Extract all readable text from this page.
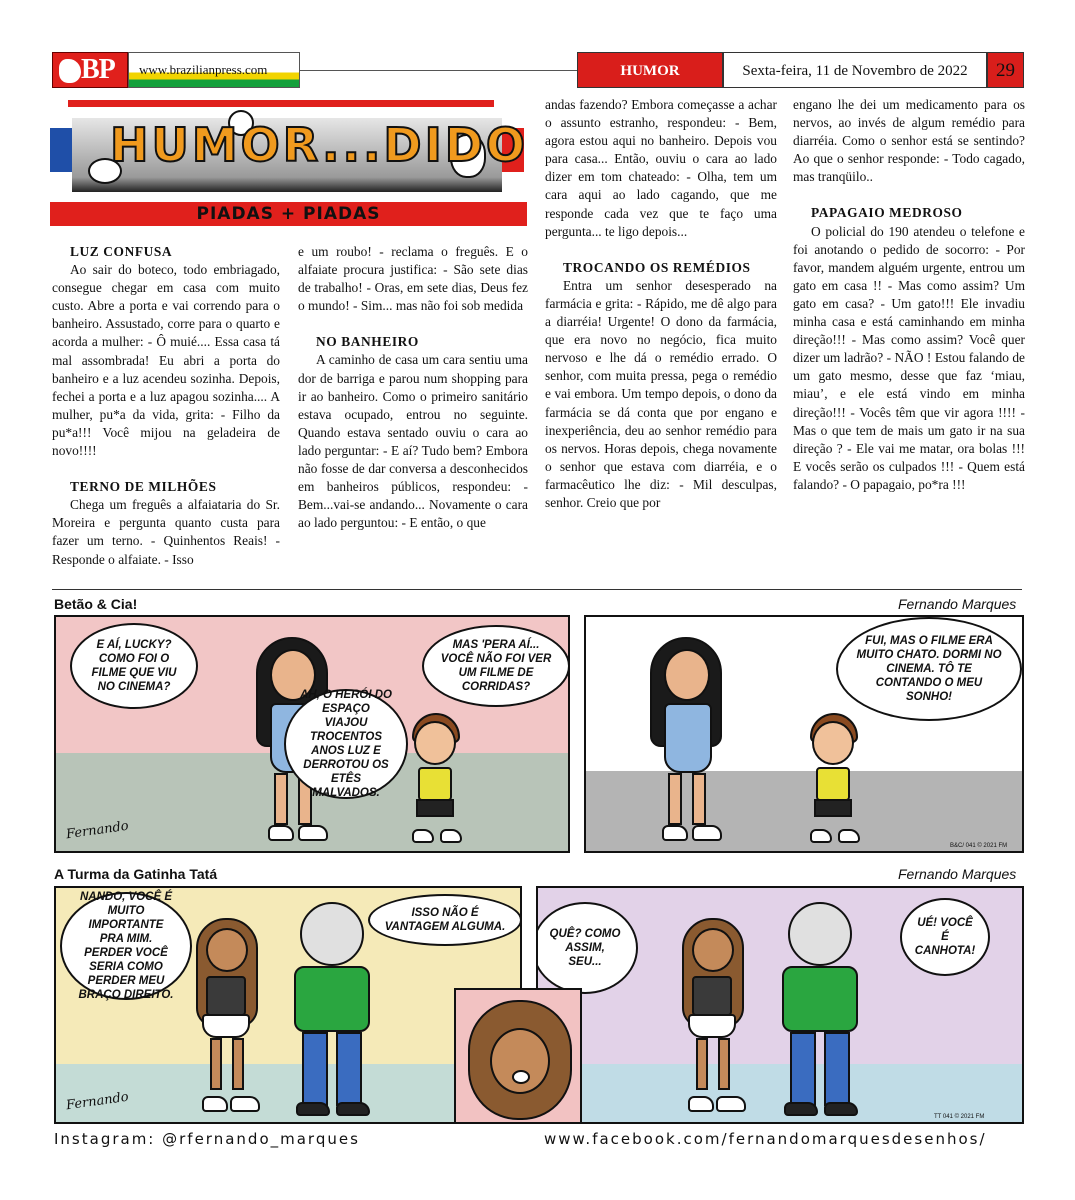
BP www.brazilianpress.com	HUMOR	Sexta-feira, 11 de Novembro de 2022	29
HUMOR...DIDO
PIADAS + PIADAS
LUZ CONFUSA

Ao sair do boteco, todo embriagado, consegue chegar em casa com muito custo. Abre a porta e vai correndo para o banheiro. Assustado, corre para o quarto e acorda a mulher: - Ô muié.... Essa casa tá mal assombrada! Eu abri a porta do banheiro e a luz acendeu sozinha. Depois, fechei a porta e a luz apagou sozinha.... A mulher, pu*a da vida, grita: - Filho da pu*a!!! Você mijou na geladeira de novo!!!!

TERNO DE MILHÕES

Chega um freguês a alfaiataria do Sr. Moreira e pergunta quanto custa para fazer um terno. - Quinhentos Reais! - Responde o alfaiate. - Isso

e um roubo! - reclama o freguês. E o alfaiate procura justifica: - São sete dias de trabalho! - Oras, em sete dias, Deus fez o mundo! - Sim... mas não foi sob medida

NO BANHEIRO

A caminho de casa um cara sentiu uma dor de barriga e parou num shopping para ir ao banheiro. Como o primeiro sanitário estava ocupado, entrou no seguinte. Quando estava sentado ouviu o cara ao lado perguntar: - E aí? Tudo bem? Embora não fosse de dar conversa a desconhecidos em banheiros públicos, respondeu: - Bem...vai-se andando... Novamente o cara ao lado perguntou: - E então, o que

andas fazendo? Embora começasse a achar o assunto estranho, respondeu: - Bem, agora estou aqui no banheiro. Depois vou para casa... Então, ouviu o cara ao lado dizer em tom chateado: - Olha, tem um cara aqui ao lado cagando, que me responde cada vez que te faço uma pergunta... te ligo depois...

TROCANDO OS REMÉDIOS

Entra um senhor desesperado na farmácia e grita: - Rápido, me dê algo para a diarréia! Urgente! O dono da farmácia, que era novo no negócio, fica muito nervoso e lhe dá o remédio errado. O senhor, com muita pressa, pega o remédio e vai embora. Um tempo depois, o dono da farmácia se dá conta que por engano e inexperiência, deu ao senhor remédio para os nervos. Horas depois, chega novamente o senhor que estava com diarréia, e o farmacêutico lhe diz: - Mil desculpas, senhor. Creio que por

engano lhe dei um medicamento para os nervos, ao invés de algum remédio para diarréia. Como o senhor está se sentindo? Ao que o senhor responde: - Todo cagado, mas tranqüilo..

PAPAGAIO MEDROSO

O policial do 190 atendeu o telefone e foi anotando o pedido de socorro: - Por favor, mandem alguém urgente, entrou um gato em casa !! - Mas como assim? Um gato em casa? - Um gato!!! Ele invadiu minha casa e está caminhando em minha direção!!! - Mas como assim? Você quer dizer um ladrão? - NÃO ! Estou falando de um gato mesmo, desse que faz ‘miau, miau’, e ele está vindo em minha direção!!! - Vocês têm que vir agora !!!! - Mas o que tem de mais um gato ir na sua direção ? - Ele vai me matar, ora bolas !!! E vocês serão os culpados !!! - Quem está falando? - O papagaio, po*ra !!!

Betão & Cia!	Fernando Marques
E AÍ, LUCKY? COMO FOI O FILME QUE VIU NO CINEMA?
AH, O HERÓI DO ESPAÇO VIAJOU TROCENTOS ANOS LUZ E DERROTOU OS ETÊS MALVADOS.
MAS 'PERA AÍ... VOCÊ NÃO FOI VER UM FILME DE CORRIDAS?
Fernando
FUI, MAS O FILME ERA MUITO CHATO. DORMI NO CINEMA. TÔ TE CONTANDO O MEU SONHO!
B&C/ 041 © 2021 FM
A Turma da Gatinha Tatá	Fernando Marques
NANDO, VOCÊ É MUITO IMPORTANTE PRA MIM. PERDER VOCÊ SERIA COMO PERDER MEU BRAÇO DIREITO.
ISSO NÃO É VANTAGEM ALGUMA.
Fernando
QUÊ? COMO ASSIM, SEU...
UÉ! VOCÊ É CANHOTA!
TT 041 © 2021 FM
Instagram: @rfernando_marques	www.facebook.com/fernandomarquesdesenhos/
